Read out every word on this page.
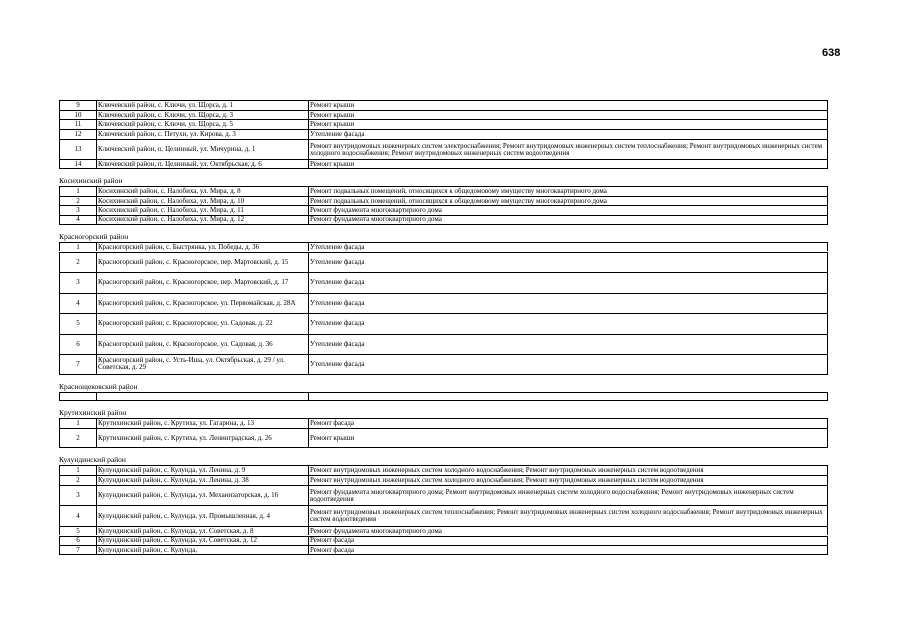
638
9	Ключевский район, с. Ключи, ул. Щорса, д. 1	Ремонт крыши
10	Ключевский район, с. Ключи, ул. Щорса, д. 3	Ремонт крыши
11	Ключевский район, с. Ключи, ул. Щорса, д. 5	Ремонт крыши
12	Ключевский район, с. Петухи, ул. Кирова, д. 3	Утепление фасада
13	Ключевский район, п. Целинный, ул. Мичурина, д. 1	Ремонт внутридомовых инженерных систем электроснабжения; Ремонт внутридомовых инженерных систем теплоснабжения; Ремонт внутридомовых инженерных систем холодного водоснабжения; Ремонт внутридомовых инженерных систем водоотведения
14	Ключевский район, п. Целинный, ул. Октябрьская, д. 6	Ремонт крыши
Косихинский район
1	Косихинский район, с. Налобиха, ул. Мира, д. 8	Ремонт подвальных помещений, относящихся к общедомовому имуществу многоквартирного дома
2	Косихинский район, с. Налобиха, ул. Мира, д. 10	Ремонт подвальных помещений, относящихся к общедомовому имуществу многоквартирного дома
3	Косихинский район, с. Налобиха, ул. Мира, д. 11	Ремонт фундамента многоквартирного дома
4	Косихинский район, с. Налобиха, ул. Мира, д. 12	Ремонт фундамента многоквартирного дома
Красногорский район
1	Красногорский район, с. Быстрянка, ул. Победы, д. 36	Утепление фасада
2	Красногорский район, с. Красногорское, пер. Мартовский, д. 15	Утепление фасада
3	Красногорский район, с. Красногорское, пер. Мартовский, д. 17	Утепление фасада
4	Красногорский район, с. Красногорское, ул. Первомайская, д. 28А	Утепление фасада
5	Красногорский район, с. Красногорское, ул. Садовая, д. 22	Утепление фасада
6	Красногорский район, с. Красногорское, ул. Садовая, д. 36	Утепление фасада
7	Красногорский район, с. Усть-Иша, ул. Октябрьская, д. 29 / ул. Советская, д. 29	Утепление фасада
Краснощековский район
Крутихинский район
1	Крутихинский район, с. Крутиха, ул. Гагарина, д. 13	Ремонт фасада
2	Крутихинский район, с. Крутиха, ул. Ленинградская, д. 26	Ремонт крыши
Кулундинский район
1	Кулундинский район, с. Кулунда, ул. Ленина, д. 9	Ремонт внутридомовых инженерных систем холодного водоснабжения; Ремонт внутридомовых инженерных систем водоотведения
2	Кулундинский район, с. Кулунда, ул. Ленина, д. 38	Ремонт внутридомовых инженерных систем холодного водоснабжения; Ремонт внутридомовых инженерных систем водоотведения
3	Кулундинский район, с. Кулунда, ул. Механизаторская, д. 16	Ремонт фундамента многоквартирного дома; Ремонт внутридомовых инженерных систем холодного водоснабжения; Ремонт внутридомовых инженерных систем водоотведения
4	Кулундинский район, с. Кулунда, ул. Промышленная, д. 4	Ремонт внутридомовых инженерных систем теплоснабжения; Ремонт внутридомовых инженерных систем холодного водоснабжения; Ремонт внутридомовых инженерных систем водоотведения
5	Кулундинский район, с. Кулунда, ул. Советская, д. 8	Ремонт фундамента многоквартирного дома
6	Кулундинский район, с. Кулунда, ул. Советская, д. 12	Ремонт фасада
7	Кулундинский район, с. Кулунда,	Ремонт фасада
